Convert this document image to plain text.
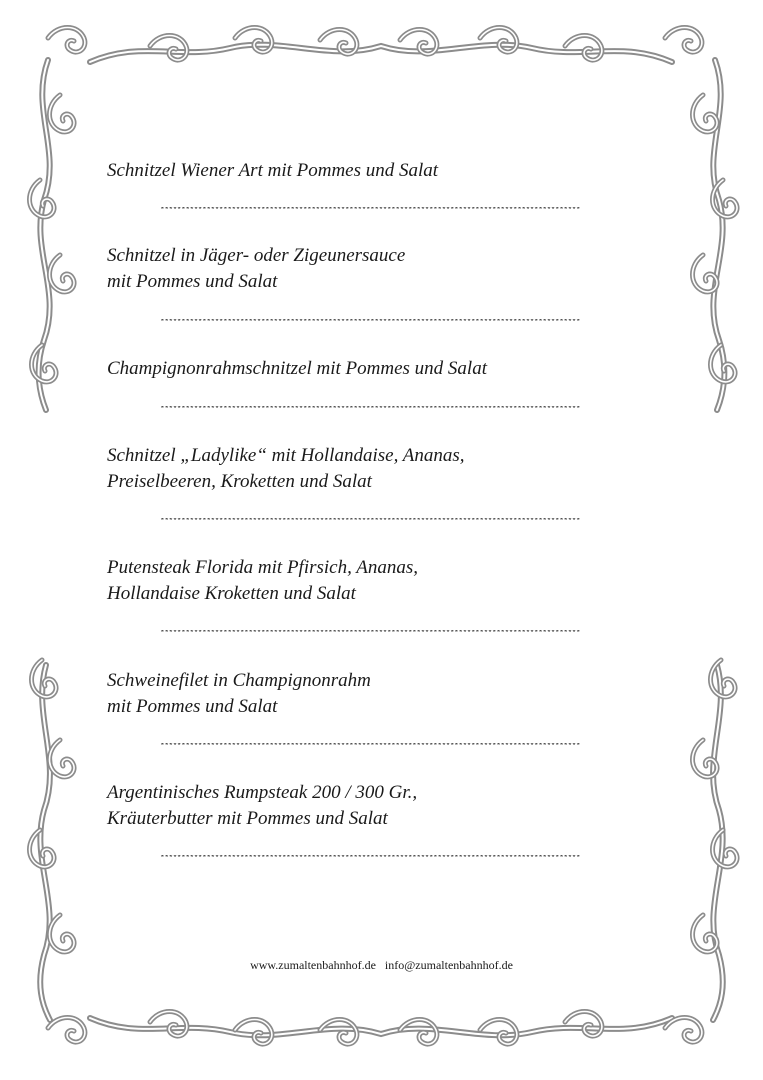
Schnitzel Wiener Art mit Pommes und Salat
****************************************************************************************************
Schnitzel in Jäger- oder Zigeunersauce
mit Pommes und Salat
****************************************************************************************************
Champignonrahmschnitzel mit Pommes und Salat
****************************************************************************************************
Schnitzel „Ladylike“ mit Hollandaise, Ananas,
Preiselbeeren, Kroketten und Salat
****************************************************************************************************
Putensteak Florida mit Pfirsich, Ananas,
Hollandaise Kroketten und Salat
****************************************************************************************************
Schweinefilet in Champignonrahm
mit Pommes und Salat
****************************************************************************************************
Argentinisches Rumpsteak 200 / 300 Gr.,
Kräuterbutter mit Pommes und Salat
****************************************************************************************************
www.zumaltenbahnhof.de info@zumaltenbahnhof.de
